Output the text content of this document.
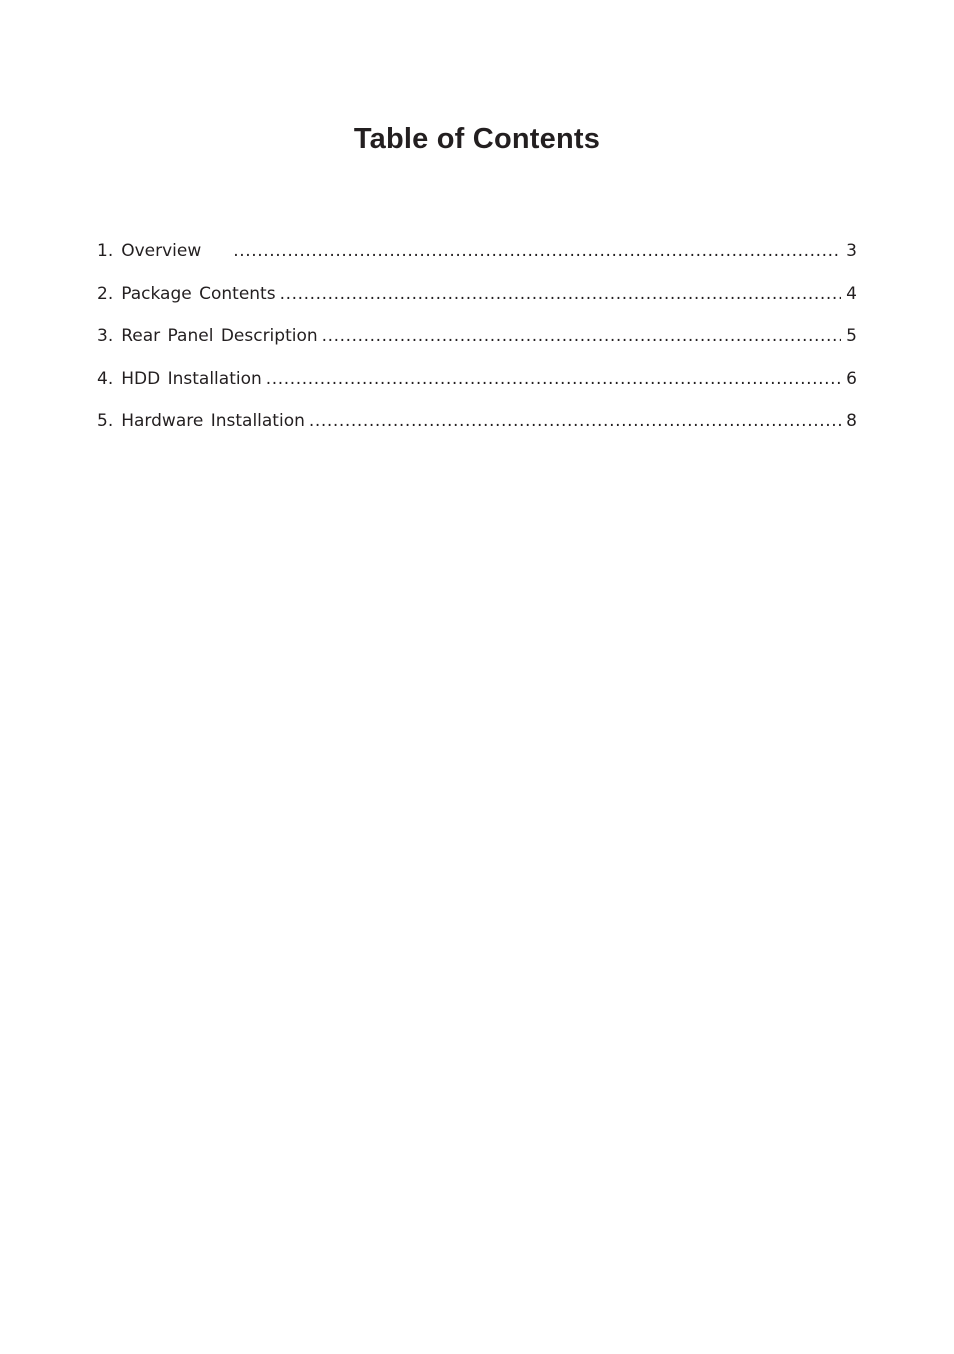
Table of Contents
1. Overview .....	3
2. Package Contents .....	4
3. Rear Panel Description .....	5
4. HDD Installation .....	6
5. Hardware Installation .....	8
